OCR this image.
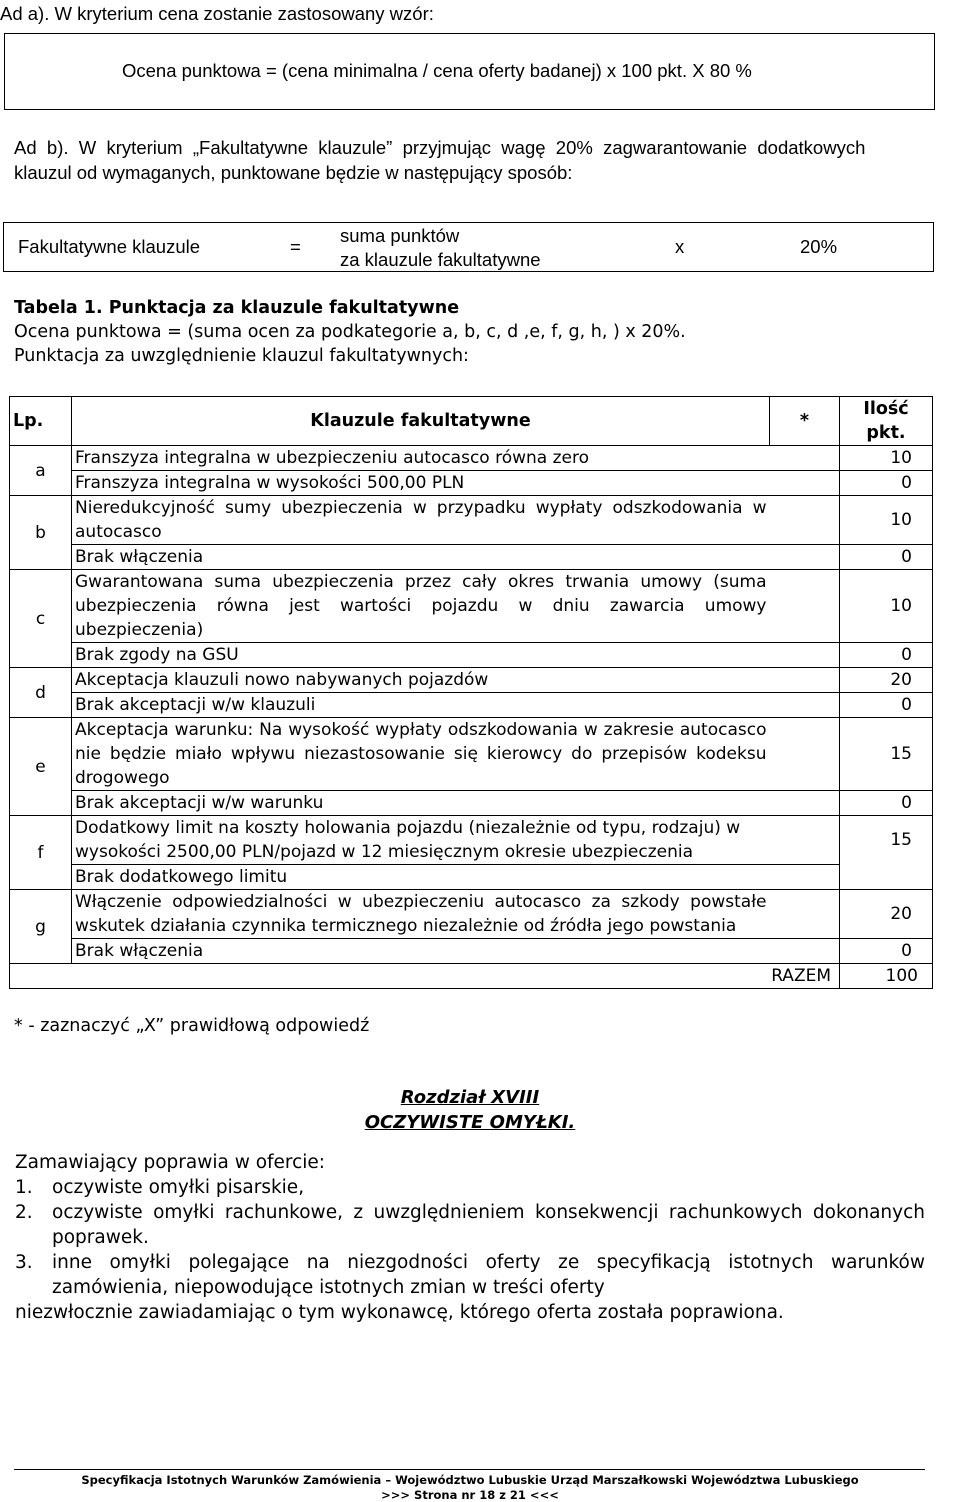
Ad a). W kryterium cena zostanie zastosowany wzór:
Ocena punktowa = (cena minimalna / cena oferty badanej) x 100 pkt. X 80 %
Ad  b).  W  kryterium  „Fakultatywne  klauzule”  przyjmując  wagę  20%  zagwarantowanie  dodatkowych
klauzul od wymaganych, punktowane będzie w następujący sposób:
Fakultatywne klauzule	=
suma punktów
za klauzule fakultatywne
x	20%
Tabela 1. Punktacja za klauzule fakultatywne
Ocena punktowa = (suma ocen za podkategorie a, b, c, d ,e, f, g, h, ) x 20%.
Punktacja za uwzględnienie klauzul fakultatywnych:
Lp.	Klauzule fakultatywne	*	Ilość pkt.
a	Franszyza integralna w ubezpieczeniu autocasco równa zero		10
	Franszyza integralna w wysokości 500,00 PLN		0
b	Nieredukcyjność sumy ubezpieczenia w przypadku wypłaty odszkodowania w autocasco		10
	Brak włączenia		0
c	Gwarantowana suma ubezpieczenia przez cały okres trwania umowy (suma ubezpieczenia równa jest wartości pojazdu w dniu zawarcia umowy ubezpieczenia)		10
	Brak zgody na GSU		0
d	Akceptacja klauzuli nowo nabywanych pojazdów		20
	Brak akceptacji w/w klauzuli		0
e	Akceptacja warunku: Na wysokość wypłaty odszkodowania w zakresie autocasco nie będzie miało wpływu niezastosowanie się kierowcy do przepisów kodeksu drogowego		15
	Brak akceptacji w/w warunku		0
f	Dodatkowy limit na koszty holowania pojazdu (niezależnie od typu, rodzaju) w wysokości 2500,00 PLN/pojazd w 12 miesięcznym okresie ubezpieczenia		15
	Brak dodatkowego limitu		
g	Włączenie odpowiedzialności w ubezpieczeniu autocasco za szkody powstałe wskutek działania czynnika termicznego niezależnie od źródła jego powstania		20
	Brak włączenia		0
	RAZEM		100
* - zaznaczyć „X” prawidłową odpowiedź
Rozdział XVIII
OCZYWISTE OMYŁKI.
Zamawiający poprawia w ofercie:
1. oczywiste omyłki pisarskie,
2. oczywiste omyłki rachunkowe, z uwzględnieniem konsekwencji rachunkowych dokonanych poprawek.
3. inne omyłki polegające na niezgodności oferty ze specyfikacją istotnych warunków zamówienia, niepowodujące istotnych zmian w treści oferty
niezwłocznie zawiadamiając o tym wykonawcę, którego oferta została poprawiona.
Specyfikacja Istotnych Warunków Zamówienia – Województwo Lubuskie Urząd Marszałkowski Województwa Lubuskiego
>>> Strona nr 18 z 21 <<<
